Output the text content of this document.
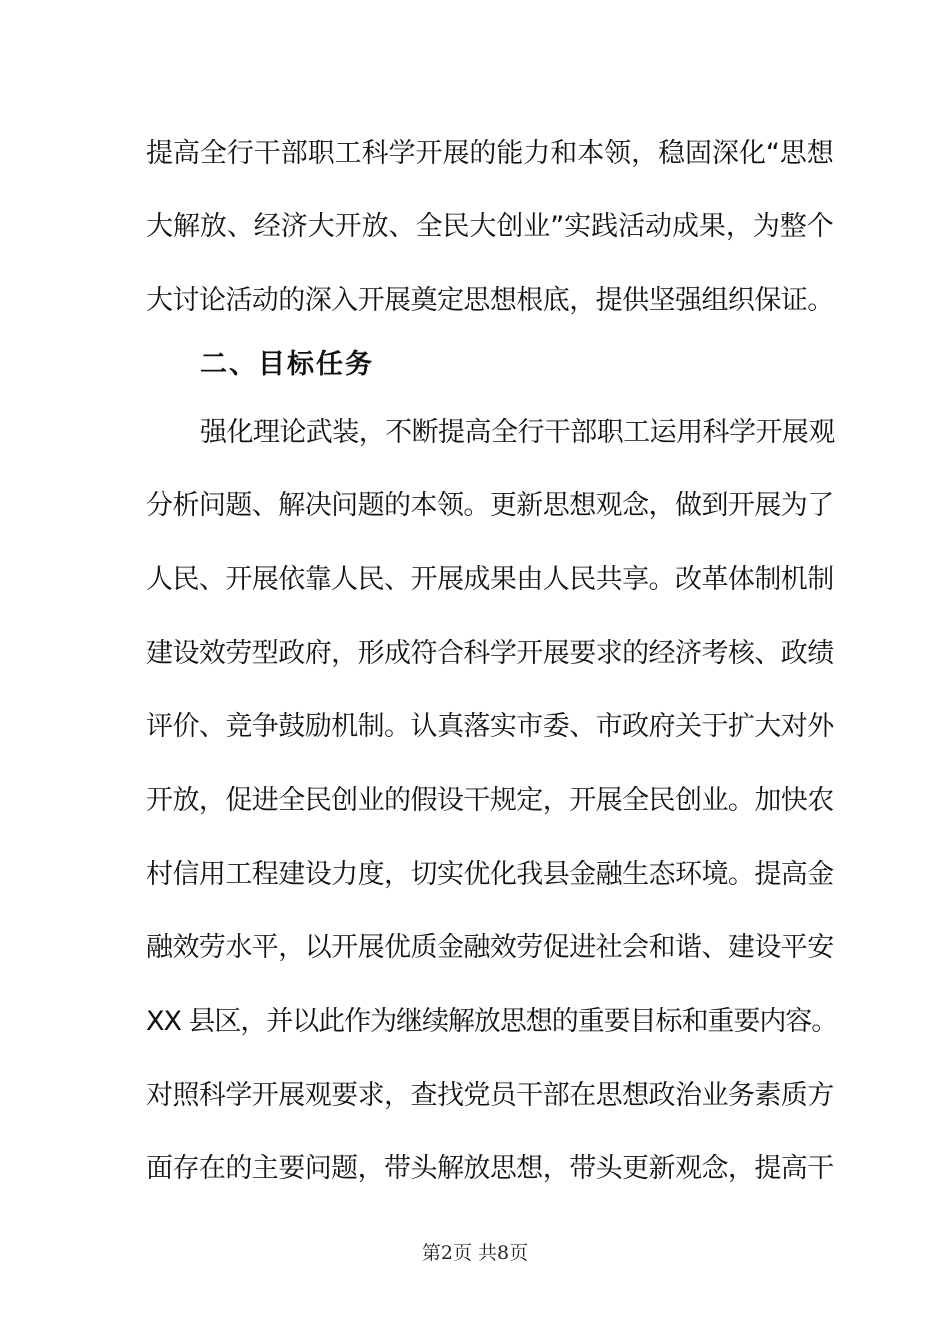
提高全行干部职工科学开展的能力和本领，稳固深化“思想
大解放、经济大开放、全民大创业”实践活动成果，为整个
大讨论活动的深入开展奠定思想根底，提供坚强组织保证。
二、目标任务
强化理论武装，不断提高全行干部职工运用科学开展观
分析问题、解决问题的本领。更新思想观念，做到开展为了
人民、开展依靠人民、开展成果由人民共享。改革体制机制
建设效劳型政府，形成符合科学开展要求的经济考核、政绩
评价、竞争鼓励机制。认真落实市委、市政府关于扩大对外
开放，促进全民创业的假设干规定，开展全民创业。加快农
村信用工程建设力度，切实优化我县金融生态环境。提高金
融效劳水平，以开展优质金融效劳促进社会和谐、建设平安
XX 县区，并以此作为继续解放思想的重要目标和重要内容。
对照科学开展观要求，查找党员干部在思想政治业务素质方
面存在的主要问题，带头解放思想，带头更新观念，提高干
第2页 共8页
